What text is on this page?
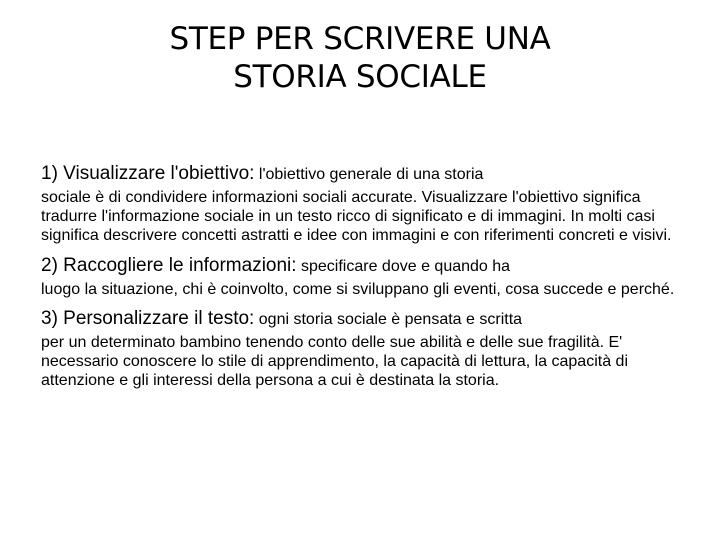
STEP PER SCRIVERE UNA
STORIA SOCIALE

1) Visualizzare l'obiettivo: l'obiettivo generale di una storia
sociale è di condividere informazioni sociali accurate. Visualizzare l'obiettivo significa tradurre l'informazione sociale in un testo ricco di significato e di immagini. In molti casi significa descrivere concetti astratti e idee con immagini e con riferimenti concreti e visivi.

2) Raccogliere le informazioni: specificare dove e quando ha
luogo la situazione, chi è coinvolto, come si sviluppano gli eventi, cosa succede e perché.

3) Personalizzare il testo: ogni storia sociale è pensata e scritta
per un determinato bambino tenendo conto delle sue abilità e delle sue fragilità. E' necessario conoscere lo stile di apprendimento, la capacità di lettura, la capacità di attenzione e gli interessi della persona a cui è destinata la storia.
